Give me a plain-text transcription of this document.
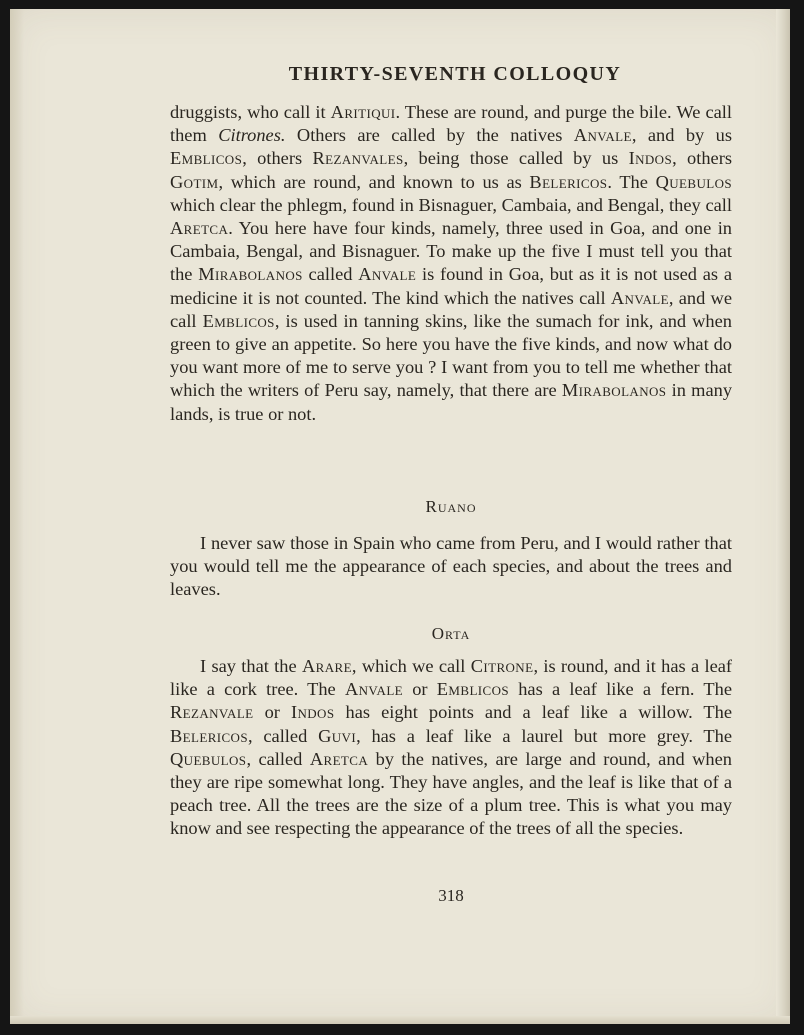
THIRTY-SEVENTH COLLOQUY

druggists, who call it Aritiqui. These are round, and purge the bile. We call them Citrones. Others are called by the natives Anvale, and by us Emblicos, others Rezanvales, being those called by us Indos, others Gotim, which are round, and known to us as Belericos. The Quebulos which clear the phlegm, found in Bisnaguer, Cambaia, and Bengal, they call Aretca. You here have four kinds, namely, three used in Goa, and one in Cambaia, Bengal, and Bisnaguer. To make up the five I must tell you that the Mirabolanos called Anvale is found in Goa, but as it is not used as a medicine it is not counted. The kind which the natives call Anvale, and we call Emblicos, is used in tanning skins, like the sumach for ink, and when green to give an appetite. So here you have the five kinds, and now what do you want more of me to serve you ? I want from you to tell me whether that which the writers of Peru say, namely, that there are Mirabolanos in many lands, is true or not.

Ruano

I never saw those in Spain who came from Peru, and I would rather that you would tell me the appearance of each species, and about the trees and leaves.

Orta

I say that the Arare, which we call Citrone, is round, and it has a leaf like a cork tree. The Anvale or Emblicos has a leaf like a fern. The Rezanvale or Indos has eight points and a leaf like a willow. The Belericos, called Guvi, has a leaf like a laurel but more grey. The Quebulos, called Aretca by the natives, are large and round, and when they are ripe somewhat long. They have angles, and the leaf is like that of a peach tree. All the trees are the size of a plum tree. This is what you may know and see respecting the appearance of the trees of all the species.

318
